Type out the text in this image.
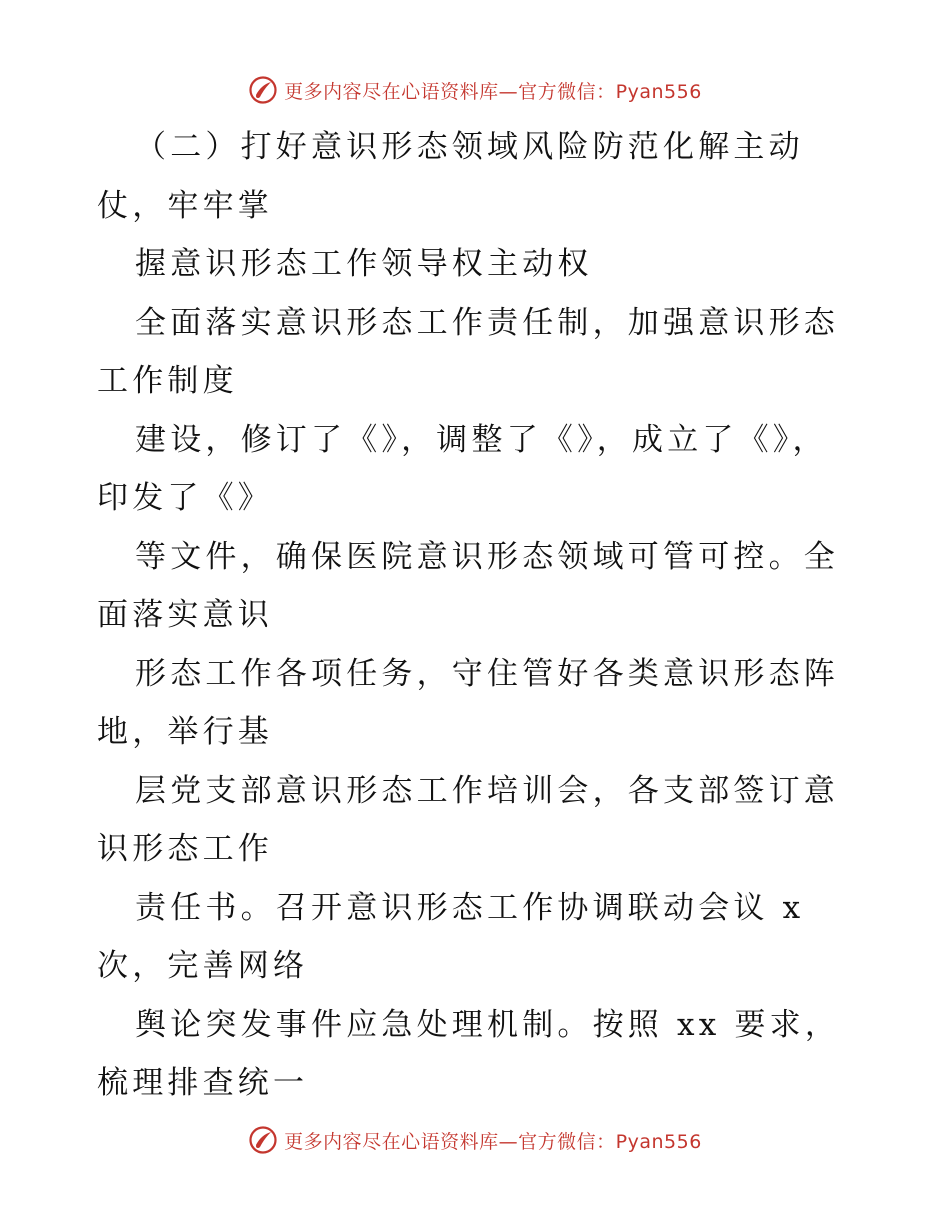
更多内容尽在心语资料库—官方微信：Pyan556

（二）打好意识形态领域风险防范化解主动仗，牢牢掌

握意识形态工作领导权主动权

全面落实意识形态工作责任制，加强意识形态工作制度

建设，修订了《》，调整了《》，成立了《》，印发了《》

等文件，确保医院意识形态领域可管可控。全面落实意识

形态工作各项任务，守住管好各类意识形态阵地，举行基

层党支部意识形态工作培训会，各支部签订意识形态工作

责任书。召开意识形态工作协调联动会议 x 次，完善网络

舆论突发事件应急处理机制。按照 xx 要求，梳理排查统一

更多内容尽在心语资料库—官方微信：Pyan556
